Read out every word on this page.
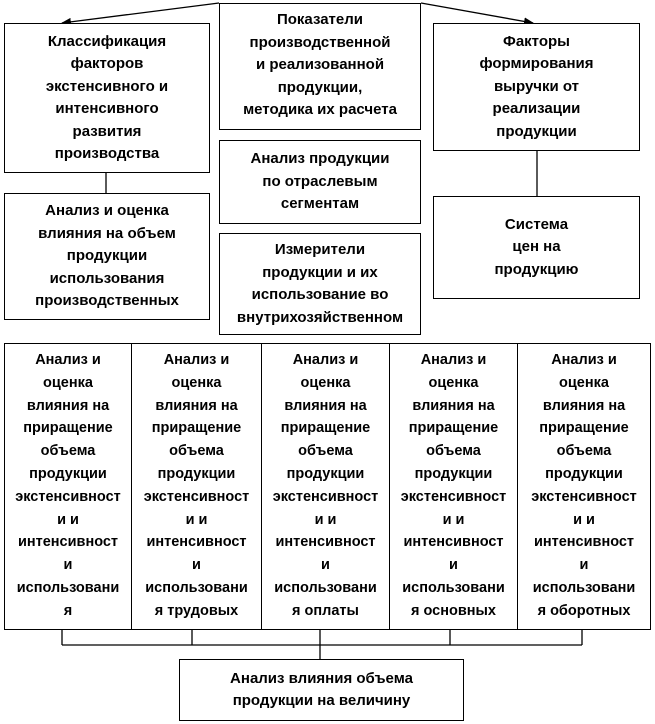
Показатели
производственной
и реализованной
продукции,
методика их расчета
Классификация
факторов
экстенсивного и
интенсивного
развития
производства
Факторы
формирования
выручки от
реализации
продукции
Анализ продукции
по отраслевым
сегментам
Анализ и оценка
влияния на объем
продукции
использования
производственных
Система
цен на
продукцию
Измерители
продукции и их
использование во
внутрихозяйственном
Анализ и
оценка
влияния на
приращение
объема
продукции
экстенсивност
и и
интенсивност
и
использовани
я
Анализ и
оценка
влияния на
приращение
объема
продукции
экстенсивност
и и
интенсивност
и
использовани
я трудовых
Анализ и
оценка
влияния на
приращение
объема
продукции
экстенсивност
и и
интенсивност
и
использовани
я оплаты
Анализ и
оценка
влияния на
приращение
объема
продукции
экстенсивност
и и
интенсивност
и
использовани
я основных
Анализ и
оценка
влияния на
приращение
объема
продукции
экстенсивност
и и
интенсивност
и
использовани
я оборотных
Анализ влияния объема
продукции на величину
